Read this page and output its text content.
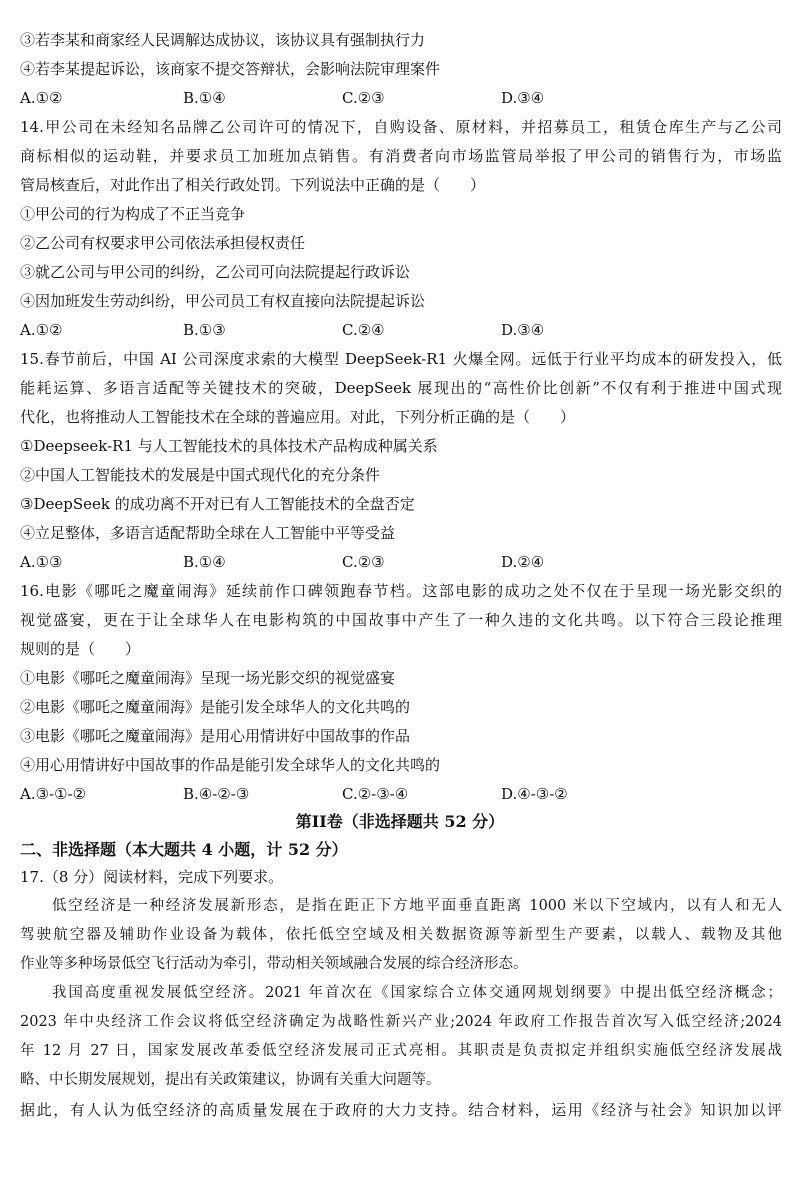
③若李某和商家经人民调解达成协议，该协议具有强制执行力
④若李某提起诉讼，该商家不提交答辩状，会影响法院审理案件
A.①②	B.①④	C.②③	D.③④
14.甲公司在未经知名品牌乙公司许可的情况下，自购设备、原材料，并招募员工，租赁仓库生产与乙公司
商标相似的运动鞋，并要求员工加班加点销售。有消费者向市场监管局举报了甲公司的销售行为，市场监
管局核查后，对此作出了相关行政处罚。下列说法中正确的是（　　）
①甲公司的行为构成了不正当竞争
②乙公司有权要求甲公司依法承担侵权责任
③就乙公司与甲公司的纠纷，乙公司可向法院提起行政诉讼
④因加班发生劳动纠纷，甲公司员工有权直接向法院提起诉讼
A.①②	B.①③	C.②④	D.③④
15.春节前后，中国 AI 公司深度求索的大模型 DeepSeek-R1 火爆全网。远低于行业平均成本的研发投入，低
能耗运算、多语言适配等关键技术的突破，DeepSeek 展现出的“高性价比创新”不仅有利于推进中国式现
代化，也将推动人工智能技术在全球的普遍应用。对此，下列分析正确的是（　　）
①Deepseek-R1 与人工智能技术的具体技术产品构成种属关系
②中国人工智能技术的发展是中国式现代化的充分条件
③DeepSeek 的成功离不开对已有人工智能技术的全盘否定
④立足整体，多语言适配帮助全球在人工智能中平等受益
A.①③	B.①④	C.②③	D.②④
16.电影《哪吒之魔童闹海》延续前作口碑领跑春节档。这部电影的成功之处不仅在于呈现一场光影交织的
视觉盛宴，更在于让全球华人在电影构筑的中国故事中产生了一种久违的文化共鸣。以下符合三段论推理
规则的是（　　）
①电影《哪吒之魔童闹海》呈现一场光影交织的视觉盛宴
②电影《哪吒之魔童闹海》是能引发全球华人的文化共鸣的
③电影《哪吒之魔童闹海》是用心用情讲好中国故事的作品
④用心用情讲好中国故事的作品是能引发全球华人的文化共鸣的
A.③-①-②	B.④-②-③	C.②-③-④	D.④-③-②
第II卷（非选择题共 52 分）
二、非选择题（本大题共 4 小题，计 52 分）
17.（8 分）阅读材料，完成下列要求。
低空经济是一种经济发展新形态，是指在距正下方地平面垂直距离 1000 米以下空域内，以有人和无人
驾驶航空器及辅助作业设备为载体，依托低空空域及相关数据资源等新型生产要素，以载人、载物及其他
作业等多种场景低空飞行活动为牵引，带动相关领域融合发展的综合经济形态。
我国高度重视发展低空经济。2021 年首次在《国家综合立体交通网规划纲要》中提出低空经济概念；
2023 年中央经济工作会议将低空经济确定为战略性新兴产业;2024 年政府工作报告首次写入低空经济;2024
年 12 月 27 日，国家发展改革委低空经济发展司正式亮相。其职责是负责拟定并组织实施低空经济发展战
略、中长期发展规划，提出有关政策建议，协调有关重大问题等。
据此，有人认为低空经济的高质量发展在于政府的大力支持。结合材料，运用《经济与社会》知识加以评
